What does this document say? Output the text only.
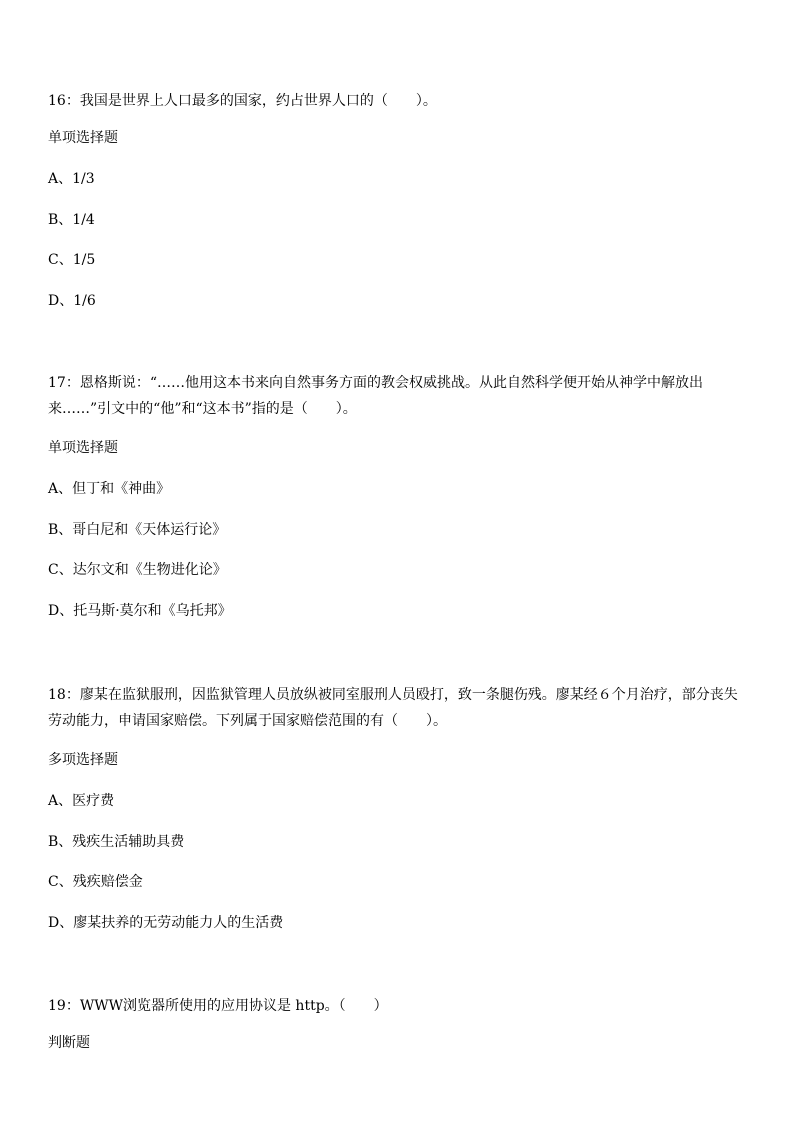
16：我国是世界上人口最多的国家，约占世界人口的（　　）。

单项选择题

A、1/3

B、1/4

C、1/5

D、1/6

17：恩格斯说：“……他用这本书来向自然事务方面的教会权威挑战。从此自然科学便开始从神学中解放出来……”引文中的“他”和“这本书”指的是（　　）。

单项选择题

A、但丁和《神曲》

B、哥白尼和《天体运行论》

C、达尔文和《生物进化论》

D、托马斯·莫尔和《乌托邦》

18：廖某在监狱服刑，因监狱管理人员放纵被同室服刑人员殴打，致一条腿伤残。廖某经６个月治疗，部分丧失劳动能力，申请国家赔偿。下列属于国家赔偿范围的有（　　）。

多项选择题

A、医疗费

B、残疾生活辅助具费

C、残疾赔偿金

D、廖某扶养的无劳动能力人的生活费

19：WWW浏览器所使用的应用协议是 http。（　　）

判断题
